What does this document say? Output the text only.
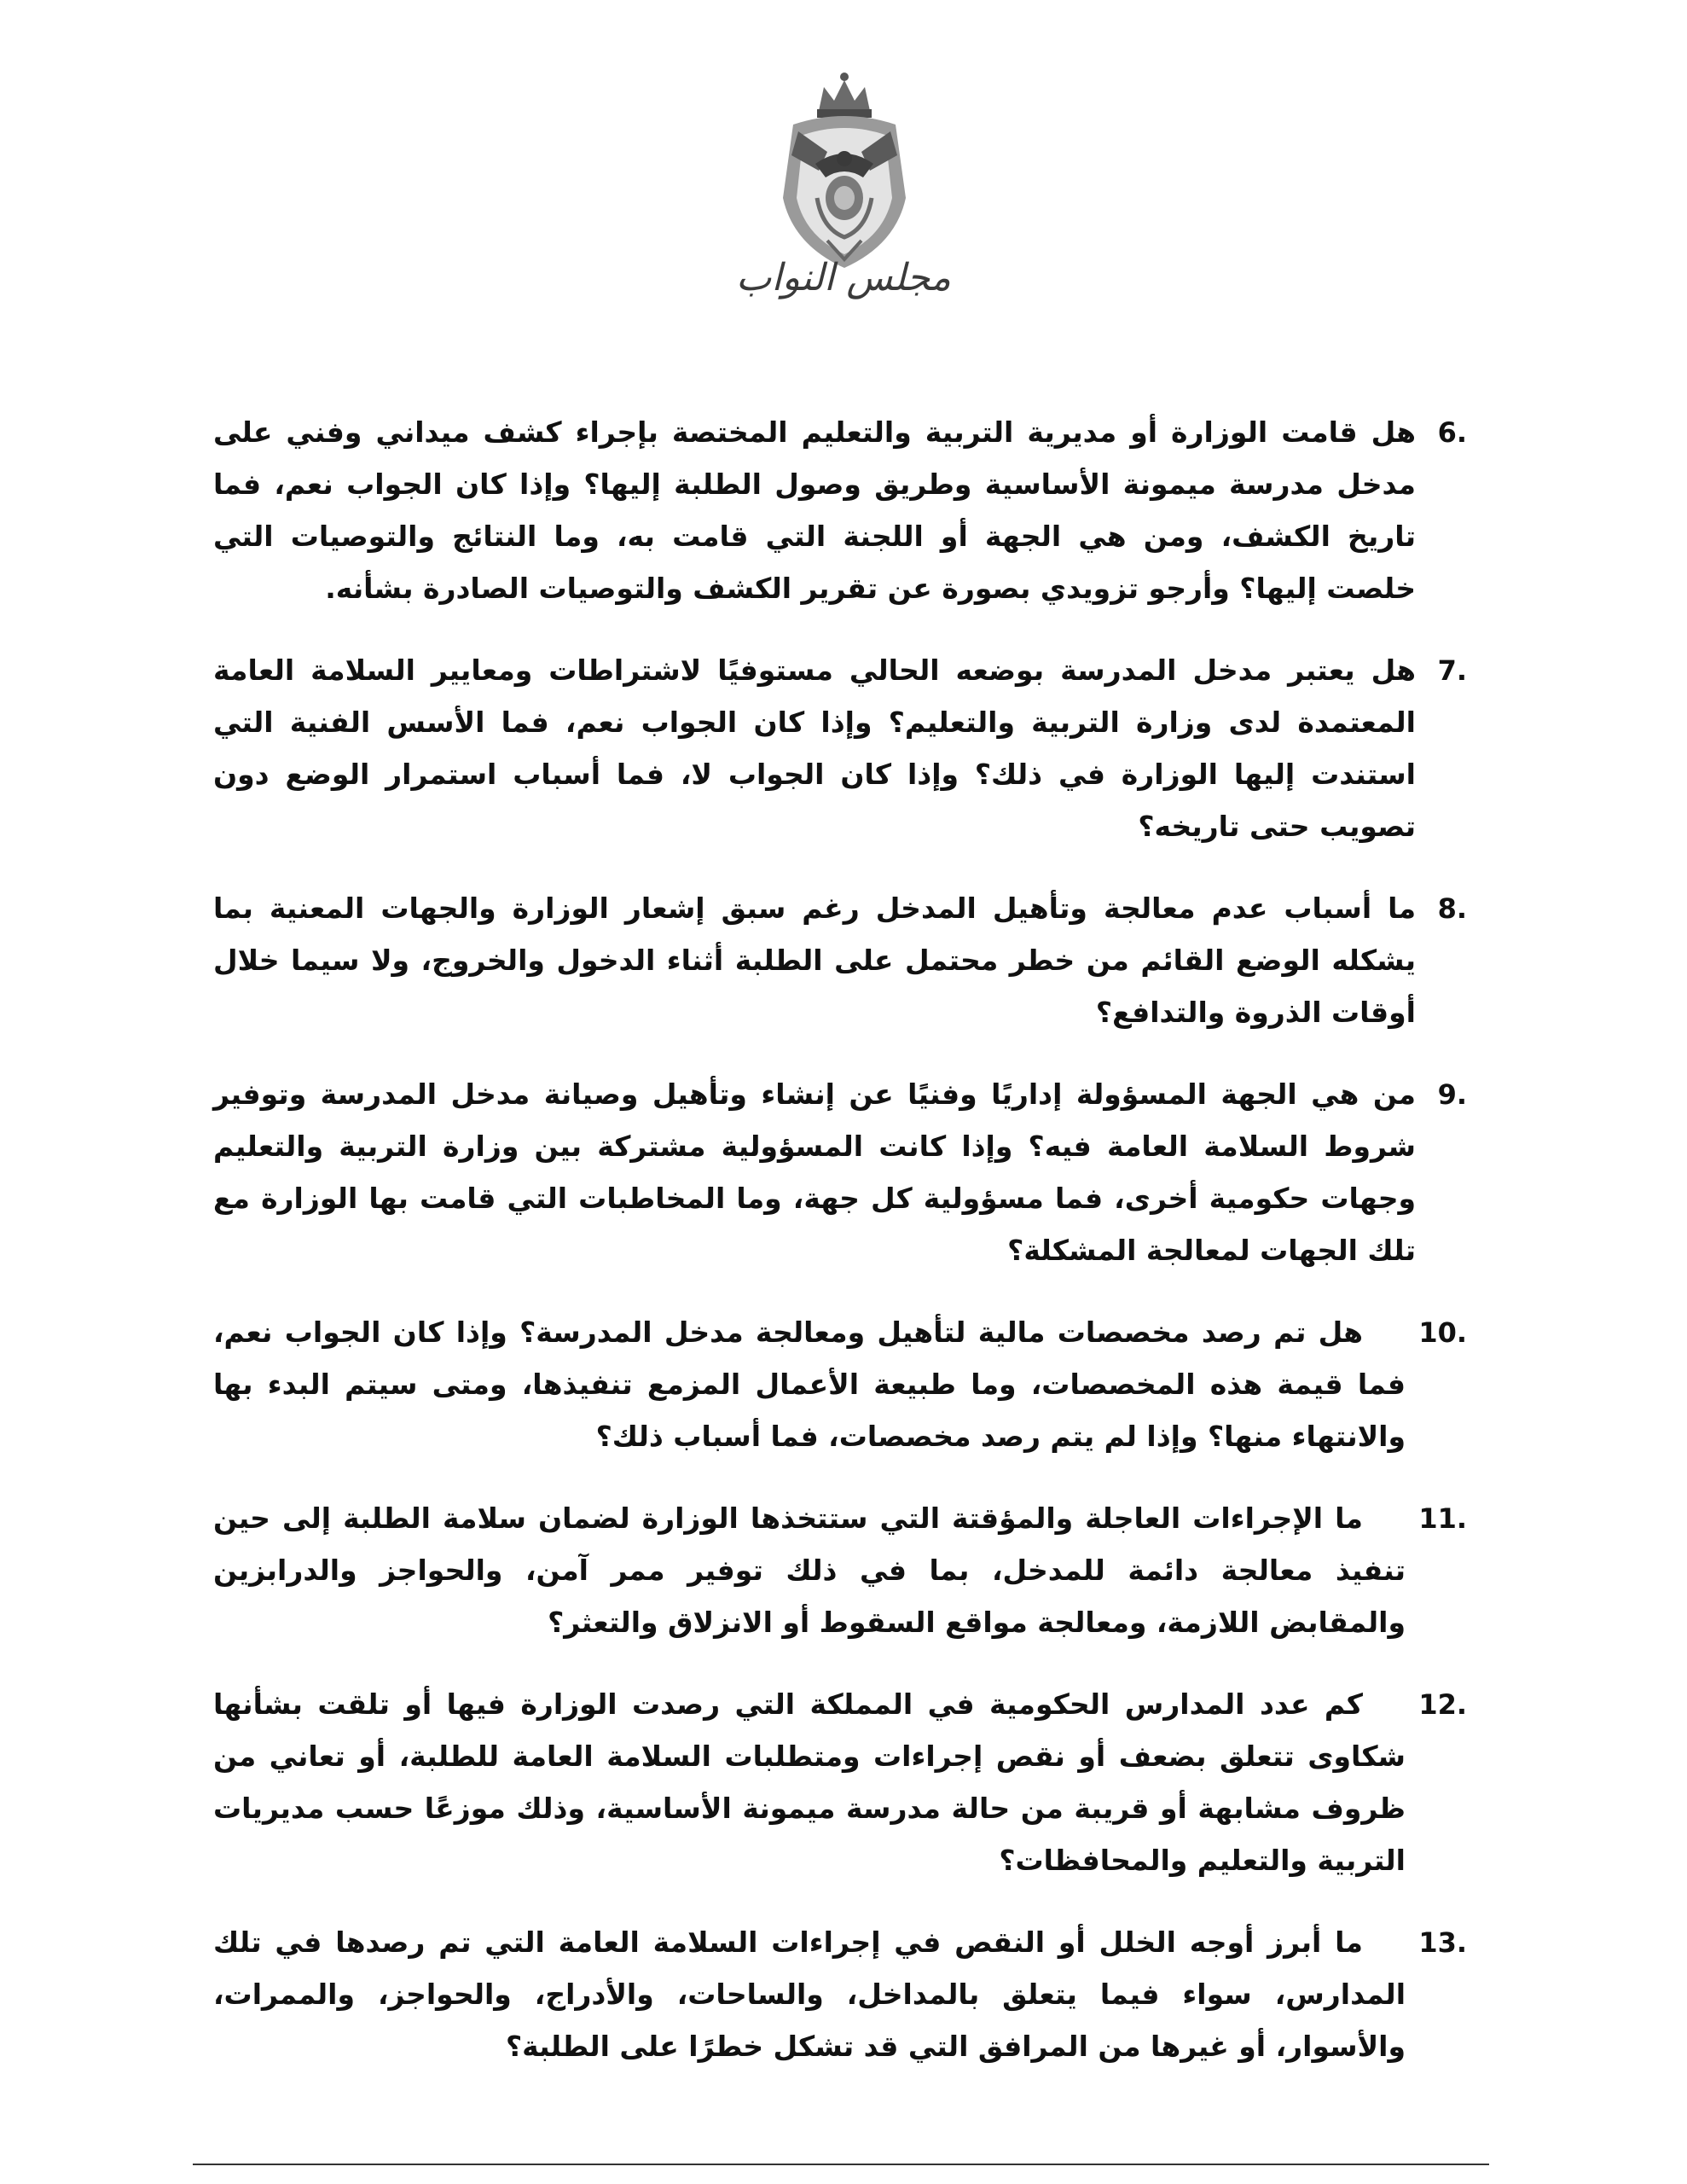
مجلس النواب
6.

هل قامت الوزارة أو مديرية التربية والتعليم المختصة بإجراء كشف ميداني وفني على مدخل مدرسة ميمونة الأساسية وطريق وصول الطلبة إليها؟ وإذا كان الجواب نعم، فما تاريخ الكشف، ومن هي الجهة أو اللجنة التي قامت به، وما النتائج والتوصيات التي خلصت إليها؟ وأرجو تزويدي بصورة عن تقرير الكشف والتوصيات الصادرة بشأنه.

7.

هل يعتبر مدخل المدرسة بوضعه الحالي مستوفيًا لاشتراطات ومعايير السلامة العامة المعتمدة لدى وزارة التربية والتعليم؟ وإذا كان الجواب نعم، فما الأسس الفنية التي استندت إليها الوزارة في ذلك؟ وإذا كان الجواب لا، فما أسباب استمرار الوضع دون تصويب حتى تاريخه؟

8.

ما أسباب عدم معالجة وتأهيل المدخل رغم سبق إشعار الوزارة والجهات المعنية بما يشكله الوضع القائم من خطر محتمل على الطلبة أثناء الدخول والخروج، ولا سيما خلال أوقات الذروة والتدافع؟

9.

من هي الجهة المسؤولة إداريًا وفنيًا عن إنشاء وتأهيل وصيانة مدخل المدرسة وتوفير شروط السلامة العامة فيه؟ وإذا كانت المسؤولية مشتركة بين وزارة التربية والتعليم وجهات حكومية أخرى، فما مسؤولية كل جهة، وما المخاطبات التي قامت بها الوزارة مع تلك الجهات لمعالجة المشكلة؟

10.

هل تم رصد مخصصات مالية لتأهيل ومعالجة مدخل المدرسة؟ وإذا كان الجواب نعم، فما قيمة هذه المخصصات، وما طبيعة الأعمال المزمع تنفيذها، ومتى سيتم البدء بها والانتهاء منها؟ وإذا لم يتم رصد مخصصات، فما أسباب ذلك؟

11.

ما الإجراءات العاجلة والمؤقتة التي ستتخذها الوزارة لضمان سلامة الطلبة إلى حين تنفيذ معالجة دائمة للمدخل، بما في ذلك توفير ممر آمن، والحواجز والدرابزين والمقابض اللازمة، ومعالجة مواقع السقوط أو الانزلاق والتعثر؟

12.

كم عدد المدارس الحكومية في المملكة التي رصدت الوزارة فيها أو تلقت بشأنها شكاوى تتعلق بضعف أو نقص إجراءات ومتطلبات السلامة العامة للطلبة، أو تعاني من ظروف مشابهة أو قريبة من حالة مدرسة ميمونة الأساسية، وذلك موزعًا حسب مديريات التربية والتعليم والمحافظات؟

13.

ما أبرز أوجه الخلل أو النقص في إجراءات السلامة العامة التي تم رصدها في تلك المدارس، سواء فيما يتعلق بالمداخل، والساحات، والأدراج، والحواجز، والممرات، والأسوار، أو غيرها من المرافق التي قد تشكل خطرًا على الطلبة؟
